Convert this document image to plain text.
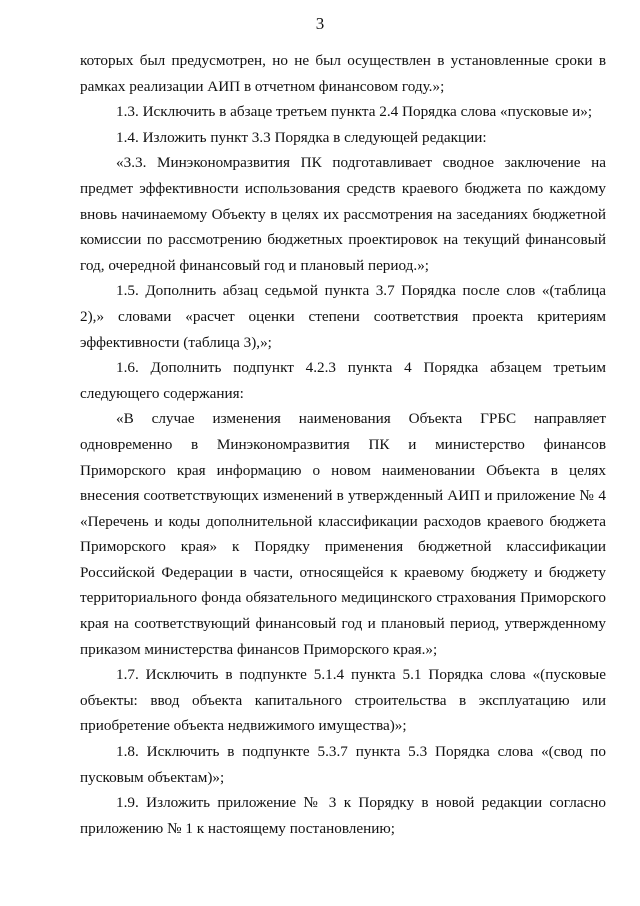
3

которых был предусмотрен, но не был осуществлен в установленные сроки в рамках реализации АИП в отчетном финансовом году.»;

1.3. Исключить в абзаце третьем пункта 2.4 Порядка слова «пусковые и»;

1.4. Изложить пункт 3.3 Порядка в следующей редакции:

«3.3. Минэкономразвития ПК подготавливает сводное заключение на предмет эффективности использования средств краевого бюджета по каждому вновь начинаемому Объекту в целях их рассмотрения на заседаниях бюджетной комиссии по рассмотрению бюджетных проектировок на текущий финансовый год, очередной финансовый год и плановый период.»;

1.5. Дополнить абзац седьмой пункта 3.7 Порядка после слов «(таблица 2),» словами «расчет оценки степени соответствия проекта критериям эффективности (таблица 3),»;

1.6. Дополнить подпункт 4.2.3 пункта 4 Порядка абзацем третьим следующего содержания:

«В случае изменения наименования Объекта ГРБС направляет одновременно в Минэкономразвития ПК и министерство финансов Приморского края информацию о новом наименовании Объекта в целях внесения соответствующих изменений в утвержденный АИП и приложение № 4 «Перечень и коды дополнительной классификации расходов краевого бюджета Приморского края» к Порядку применения бюджетной классификации Российской Федерации в части, относящейся к краевому бюджету и бюджету территориального фонда обязательного медицинского страхования Приморского края на соответствующий финансовый год и плановый период, утвержденному приказом министерства финансов Приморского края.»;

1.7. Исключить в подпункте 5.1.4 пункта 5.1 Порядка слова «(пусковые объекты: ввод объекта капитального строительства в эксплуатацию или приобретение объекта недвижимого имущества)»;

1.8. Исключить в подпункте 5.3.7 пункта 5.3 Порядка слова «(свод по пусковым объектам)»;

1.9. Изложить приложение № 3 к Порядку в новой редакции согласно приложению № 1 к настоящему постановлению;
